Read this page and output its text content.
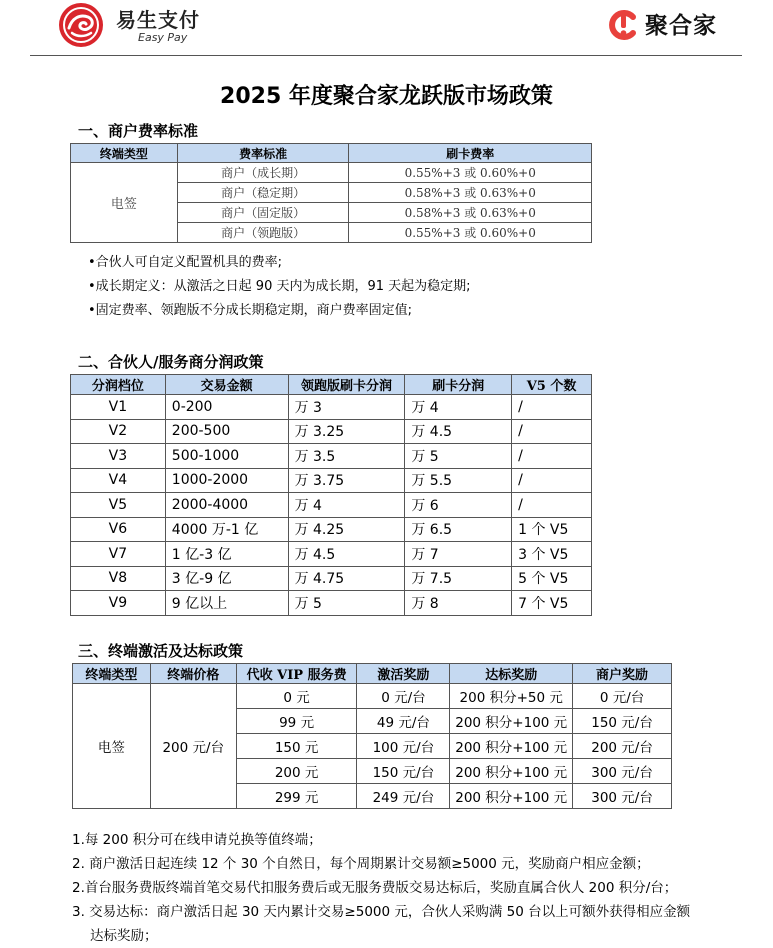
易生支付
Easy Pay	聚合家
2025 年度聚合家龙跃版市场政策
一、商户费率标准
终端类型	费率标准	刷卡费率
电签	商户（成长期）	0.55%+3 或 0.60%+0
	商户（稳定期）	0.58%+3 或 0.63%+0
	商户（固定版）	0.58%+3 或 0.63%+0
	商户（领跑版）	0.55%+3 或 0.60%+0
• 合伙人可自定义配置机具的费率;
• 成长期定义：从激活之日起 90 天内为成长期，91 天起为稳定期;
• 固定费率、领跑版不分成长期稳定期，商户费率固定值;
二、合伙人/服务商分润政策
分润档位	交易金额	领跑版刷卡分润	刷卡分润	V5 个数
V1	0-200	万 3	万 4	/
V2	200-500	万 3.25	万 4.5	/
V3	500-1000	万 3.5	万 5	/
V4	1000-2000	万 3.75	万 5.5	/
V5	2000-4000	万 4	万 6	/
V6	4000 万-1 亿	万 4.25	万 6.5	1 个 V5
V7	1 亿-3 亿	万 4.5	万 7	3 个 V5
V8	3 亿-9 亿	万 4.75	万 7.5	5 个 V5
V9	9 亿以上	万 5	万 8	7 个 V5
三、终端激活及达标政策
终端类型	终端价格	代收 VIP 服务费	激活奖励	达标奖励	商户奖励
电签	200 元/台	0 元	0 元/台	200 积分+50 元	0 元/台
		99 元	49 元/台	200 积分+100 元	150 元/台
		150 元	100 元/台	200 积分+100 元	200 元/台
		200 元	150 元/台	200 积分+100 元	300 元/台
		299 元	249 元/台	200 积分+100 元	300 元/台
1.每 200 积分可在线申请兑换等值终端；
2. 商户激活日起连续 12 个 30 个自然日，每个周期累计交易额≥5000 元，奖励商户相应金额；
2.首台服务费版终端首笔交易代扣服务费后或无服务费版交易达标后，奖励直属合伙人 200 积分/台；
3. 交易达标：商户激活日起 30 天内累计交易≥5000 元，合伙人采购满 50 台以上可额外获得相应金额
达标奖励；
